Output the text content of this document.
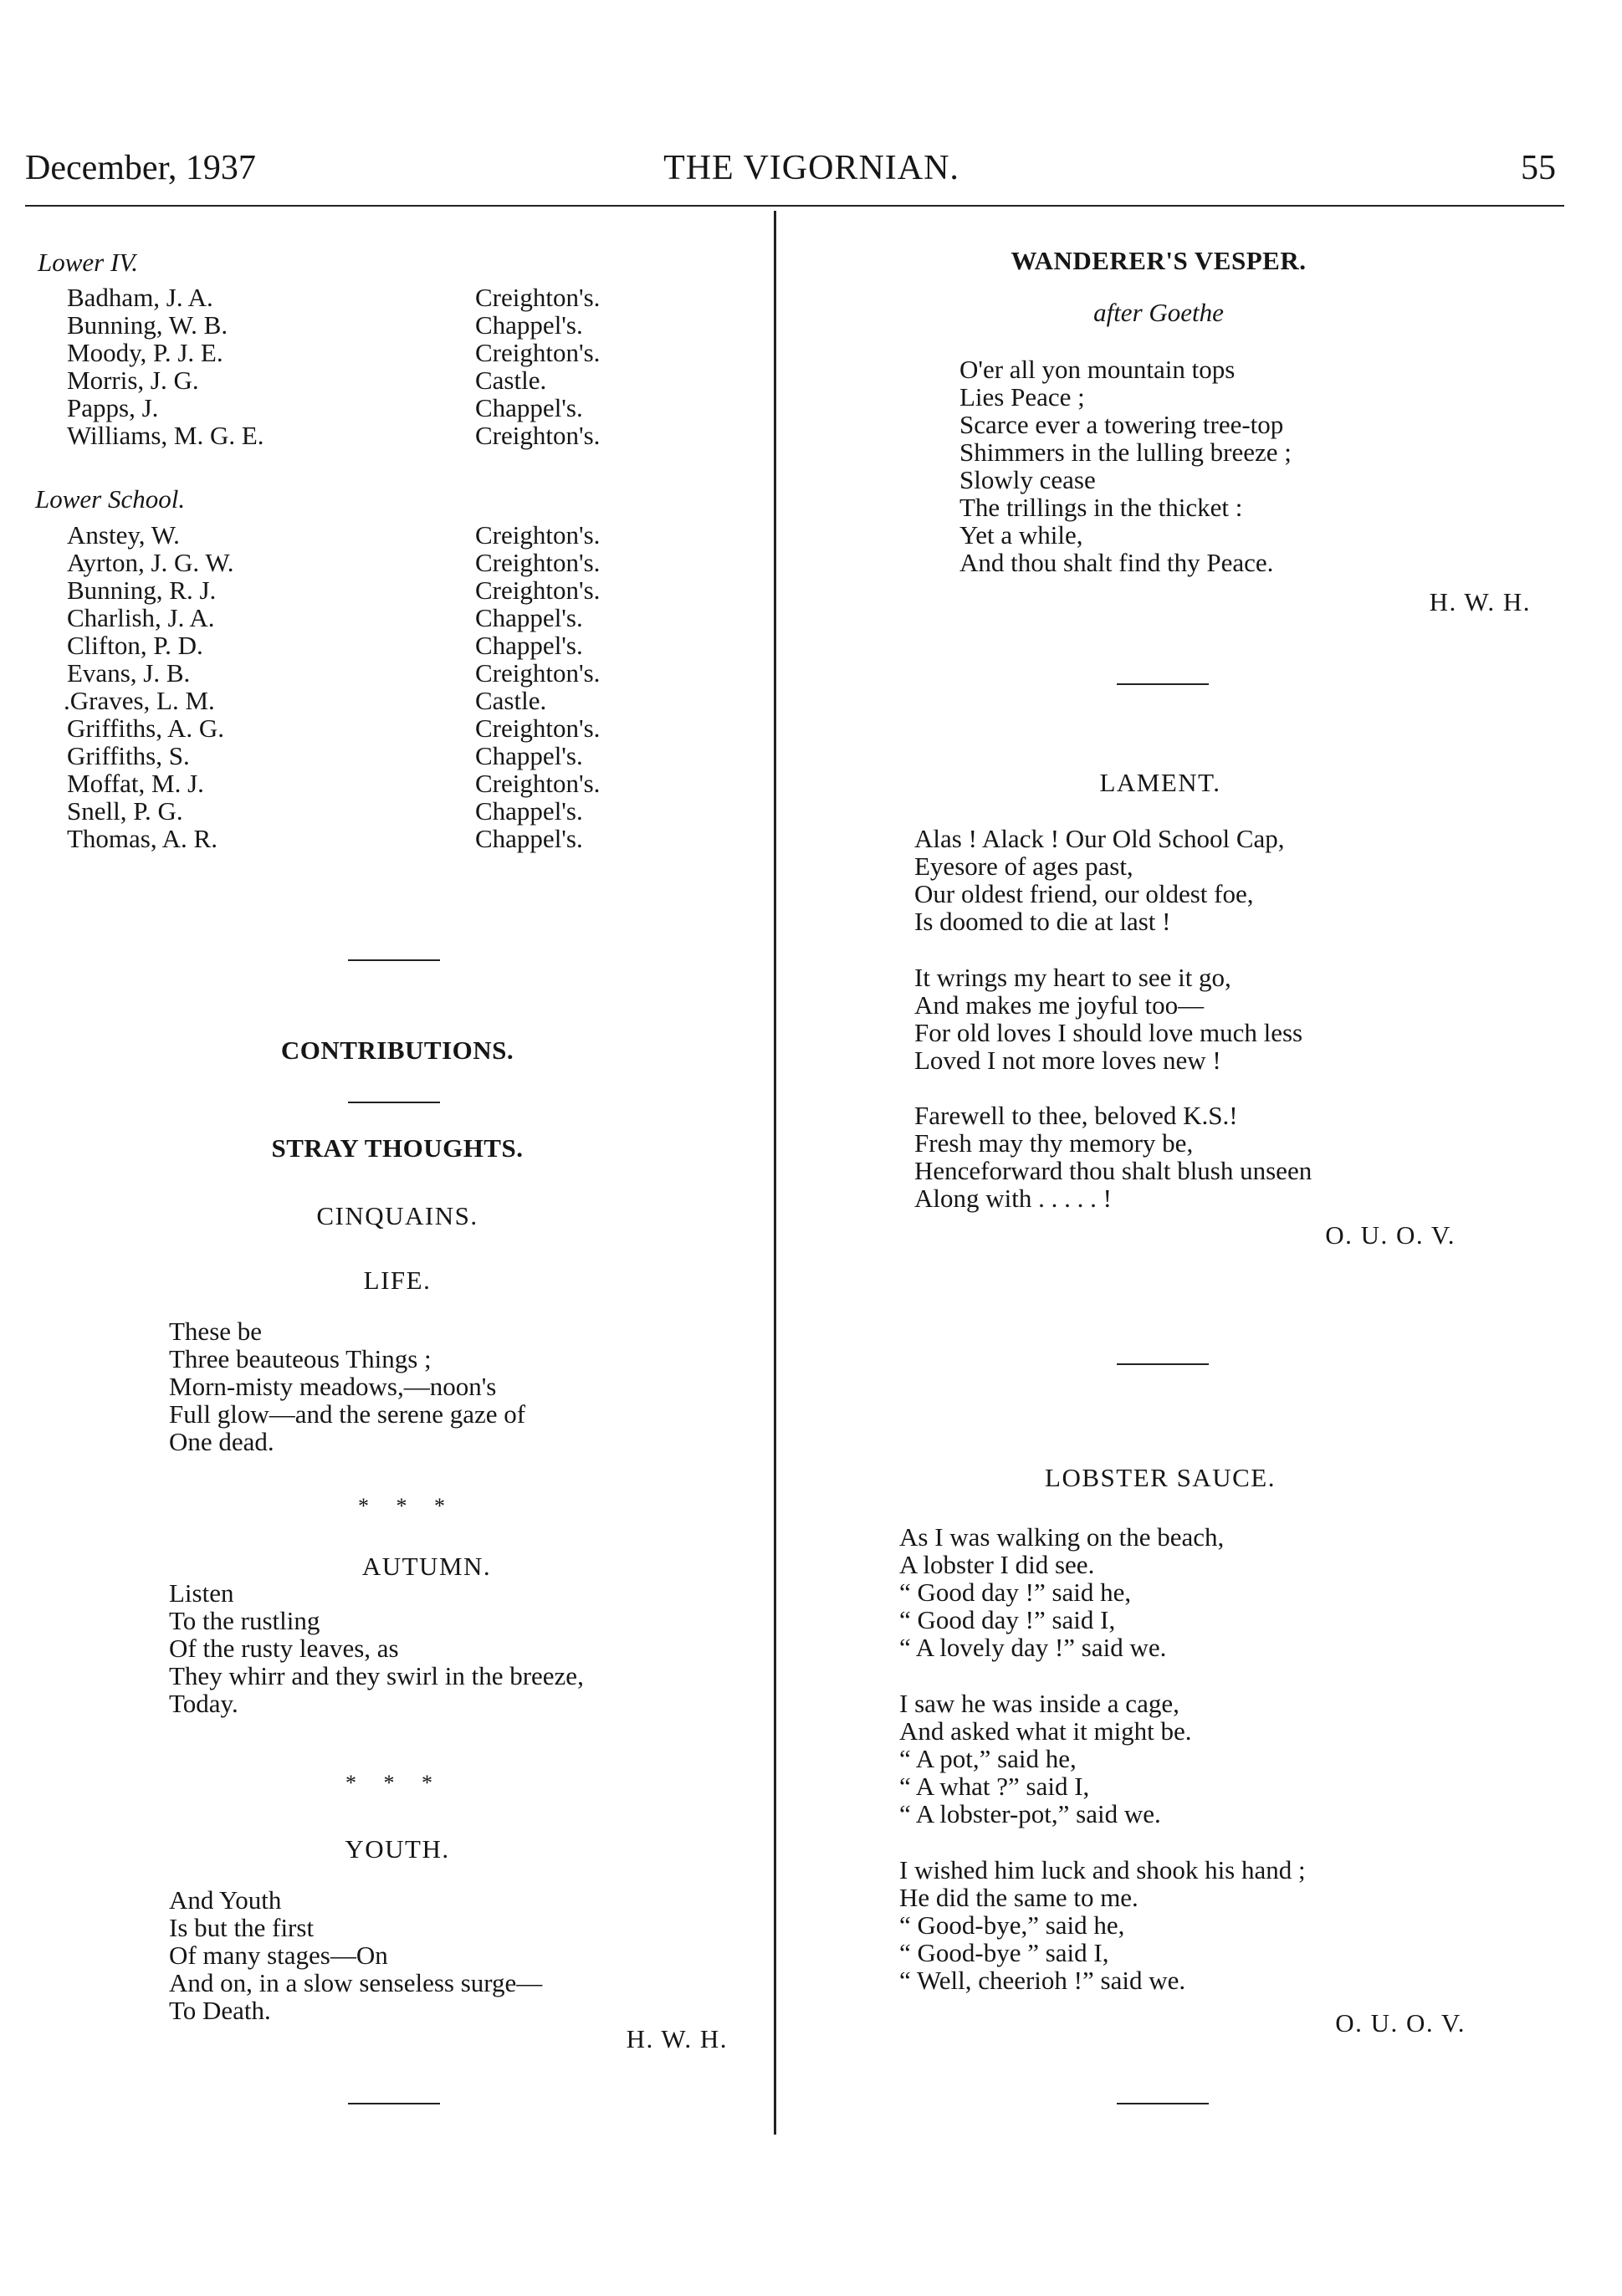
December, 1937	THE VIGORNIAN.	55
Lower IV.
Badham, J. A.
Bunning, W. B.
Moody, P. J. E.
Morris, J. G.
Papps, J.
Williams, M. G. E.
Creighton's.
Chappel's.
Creighton's.
Castle.
Chappel's.
Creighton's.
Lower School.
Anstey, W.
Ayrton, J. G. W.
Bunning, R. J.
Charlish, J. A.
Clifton, P. D.
Evans, J. B.
.Graves, L. M.
Griffiths, A. G.
Griffiths, S.
Moffat, M. J.
Snell, P. G.
Thomas, A. R.
Creighton's.
Creighton's.
Creighton's.
Chappel's.
Chappel's.
Creighton's.
Castle.
Creighton's.
Chappel's.
Creighton's.
Chappel's.
Chappel's.
CONTRIBUTIONS.
STRAY THOUGHTS.
CINQUAINS.
LIFE.
These be
Three beauteous Things ;
Morn-misty meadows,—noon's
Full glow—and the serene gaze of
One dead.
* * *
AUTUMN.
Listen
To the rustling
Of the rusty leaves, as
They whirr and they swirl in the breeze,
Today.
* * *
YOUTH.
And Youth
Is but the first
Of many stages—On
And on, in a slow senseless surge—
To Death.
H. W. H.
WANDERER'S VESPER.
after Goethe
O'er all yon mountain tops
Lies Peace ;
Scarce ever a towering tree-top
Shimmers in the lulling breeze ;
Slowly cease
The trillings in the thicket :
Yet a while,
And thou shalt find thy Peace.
H. W. H.
LAMENT.
Alas ! Alack ! Our Old School Cap,
Eyesore of ages past,
Our oldest friend, our oldest foe,
Is doomed to die at last !
It wrings my heart to see it go,
And makes me joyful too—
For old loves I should love much less
Loved I not more loves new !
Farewell to thee, beloved K.S.!
Fresh may thy memory be,
Henceforward thou shalt blush unseen
Along with . . . . . !
O. U. O. V.
LOBSTER SAUCE.
As I was walking on the beach,
A lobster I did see.
“ Good day !” said he,
“ Good day !” said I,
“ A lovely day !” said we.
I saw he was inside a cage,
And asked what it might be.
“ A pot,” said he,
“ A what ?” said I,
“ A lobster-pot,” said we.
I wished him luck and shook his hand ;
He did the same to me.
“ Good-bye,” said he,
“ Good-bye ” said I,
“ Well, cheerioh !” said we.
O. U. O. V.
